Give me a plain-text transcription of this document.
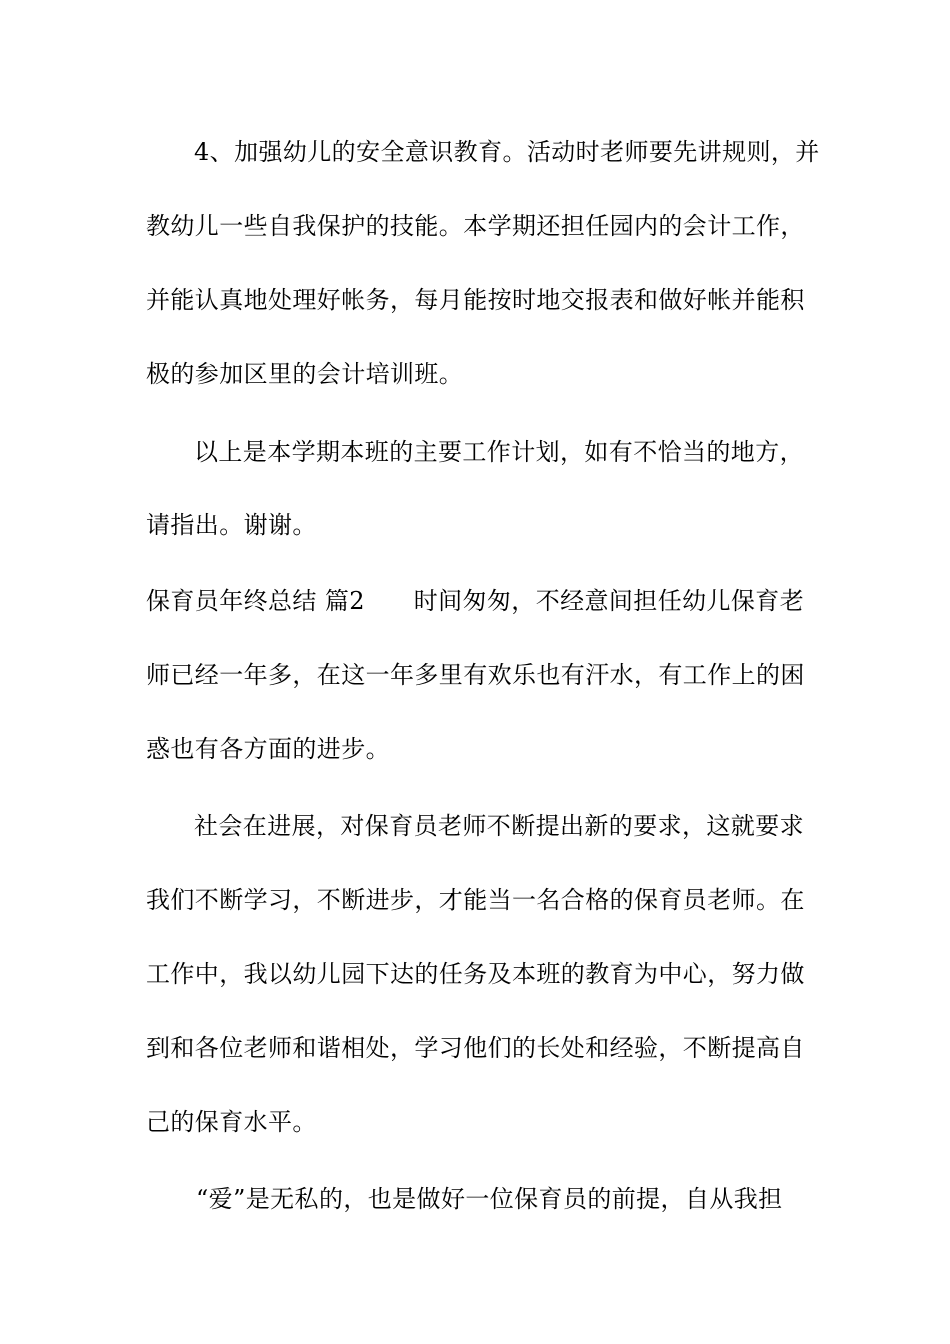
4、加强幼儿的安全意识教育。活动时老师要先讲规则，并
教幼儿一些自我保护的技能。本学期还担任园内的会计工作，
并能认真地处理好帐务，每月能按时地交报表和做好帐并能积
极的参加区里的会计培训班。
以上是本学期本班的主要工作计划，如有不恰当的地方，
请指出。谢谢。
保育员年终总结 篇2　　时间匆匆，不经意间担任幼儿保育老
师已经一年多，在这一年多里有欢乐也有汗水，有工作上的困
惑也有各方面的进步。
社会在进展，对保育员老师不断提出新的要求，这就要求
我们不断学习，不断进步，才能当一名合格的保育员老师。在
工作中，我以幼儿园下达的任务及本班的教育为中心，努力做
到和各位老师和谐相处，学习他们的长处和经验，不断提高自
己的保育水平。
“爱”是无私的，也是做好一位保育员的前提，自从我担
